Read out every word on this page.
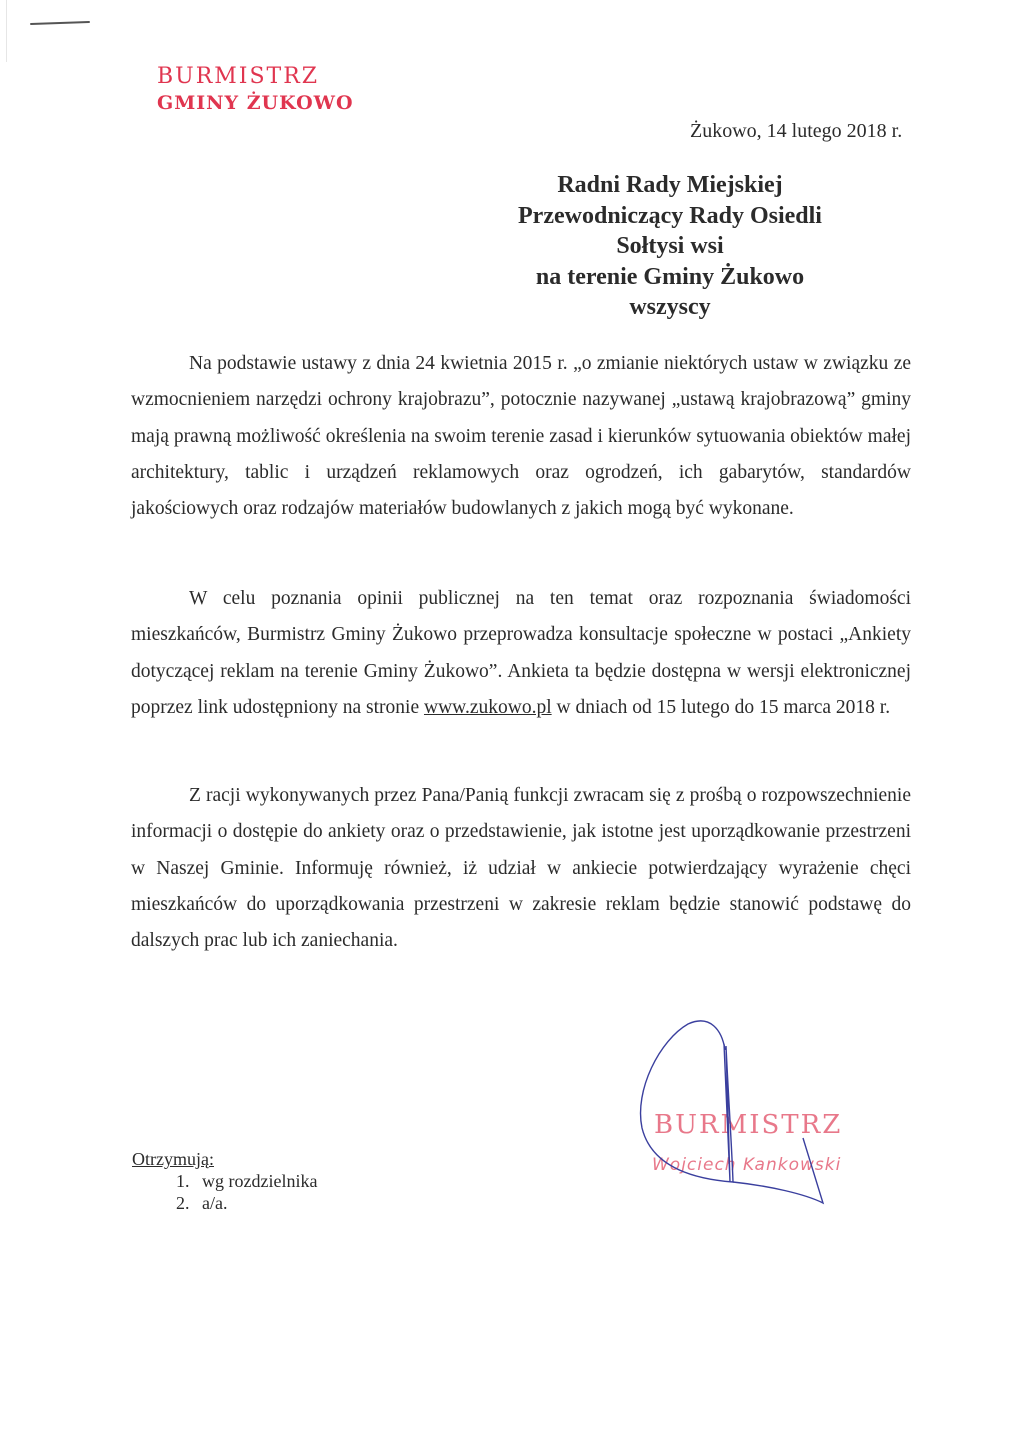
BURMISTRZ
GMINY ŻUKOWO
Żukowo, 14 lutego 2018 r.
Radni Rady Miejskiej
Przewodniczący Rady Osiedli
Sołtysi wsi
na terenie Gminy Żukowo
wszyscy

Na podstawie ustawy z dnia 24 kwietnia 2015 r. „o zmianie niektórych ustaw w związku ze wzmocnieniem narzędzi ochrony krajobrazu”, potocznie nazywanej „ustawą krajobrazową” gminy mają prawną możliwość określenia na swoim terenie zasad i kierunków sytuowania obiektów małej architektury, tablic i urządzeń reklamowych oraz ogrodzeń, ich gabarytów, standardów jakościowych oraz rodzajów materiałów budowlanych z jakich mogą być wykonane.

W celu poznania opinii publicznej na ten temat oraz rozpoznania świadomości mieszkańców, Burmistrz Gminy Żukowo przeprowadza konsultacje społeczne w postaci „Ankiety dotyczącej reklam na terenie Gminy Żukowo”. Ankieta ta będzie dostępna w wersji elektronicznej poprzez link udostępniony na stronie www.zukowo.pl w dniach od 15 lutego do 15 marca 2018 r.

Z racji wykonywanych przez Pana/Panią funkcji zwracam się z prośbą o rozpowszechnienie informacji o dostępie do ankiety oraz o przedstawienie, jak istotne jest uporządkowanie przestrzeni w Naszej Gminie. Informuję również, iż udział w ankiecie potwierdzający wyrażenie chęci mieszkańców do uporządkowania przestrzeni w zakresie reklam będzie stanowić podstawę do dalszych prac lub ich zaniechania.

BURMISTRZ
Wojciech Kankowski
Otrzymują:
1. wg rozdzielnika
2. a/a.
